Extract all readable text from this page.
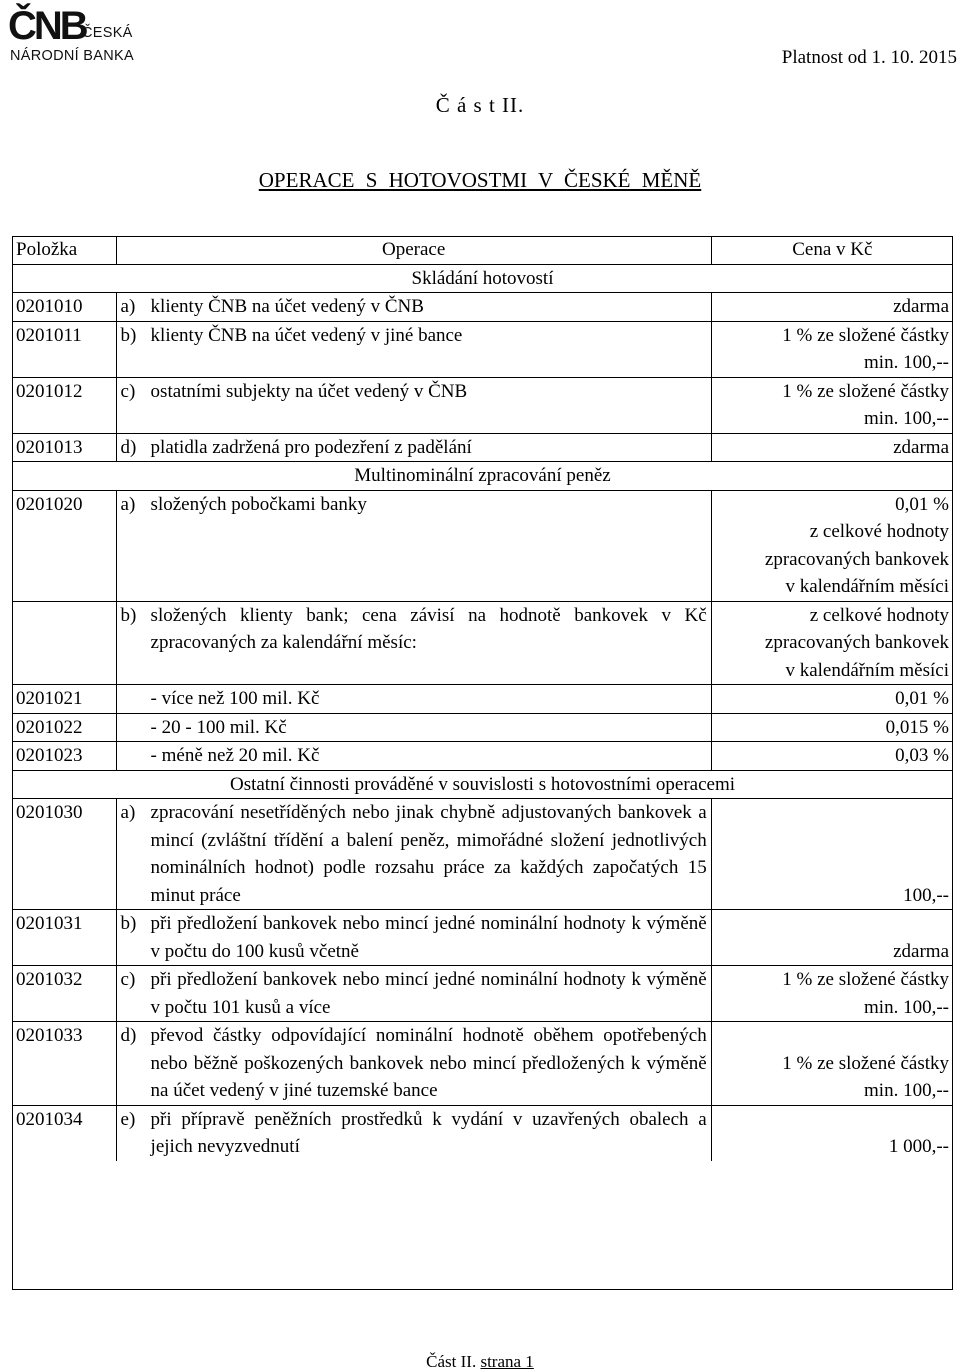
ČNB
ČESKÁ
NÁRODNÍ BANKA	Platnost od 1. 10. 2015
Č á s t II.
OPERACE S HOTOVOSTMI V ČESKÉ MĚNĚ
Položka	Operace	Cena v Kč
Skládání hotovostí		
0201010	a) klienty ČNB na účet vedený v ČNB	zdarma
0201011	b) klienty ČNB na účet vedený v jiné bance	1 % ze složené částky
min. 100,--
0201012	c) ostatními subjekty na účet vedený v ČNB	1 % ze složené částky
min. 100,--
0201013	d) platidla zadržená pro podezření z padělání	zdarma
Multinominální zpracování peněz		
0201020	a) složených pobočkami banky	0,01 %
z celkové hodnoty
zpracovaných bankovek
v kalendářním měsíci

	b) složených klienty bank; cena závisí na hodnotě bankovek v Kč zpracovaných za kalendářní měsíc:	z celkové hodnoty
zpracovaných bankovek
v kalendářním měsíci
0201021	- více než 100 mil. Kč	0,01 %
0201022	- 20 - 100 mil. Kč	0,015 %
0201023	- méně než 20 mil. Kč	0,03 %
Ostatní činnosti prováděné v souvislosti s hotovostními operacemi		
0201030	a) zpracování nesetříděných nebo jinak chybně adjustovaných bankovek a mincí (zvláštní třídění a balení peněz, mimořádné složení jednotlivých nominálních hodnot) podle rozsahu práce za každých započatých 15 minut práce	100,--
0201031	b) při předložení bankovek nebo mincí jedné nominální hodnoty k výměně v počtu do 100 kusů včetně	zdarma
0201032	c) při předložení bankovek nebo mincí jedné nominální hodnoty k výměně v počtu 101 kusů a více	1 % ze složené částky
min. 100,--
0201033	d) převod částky odpovídající nominální hodnotě oběhem opotřebených nebo běžně poškozených bankovek nebo mincí předložených k výměně na účet vedený v jiné tuzemské bance	1 % ze složené částky
min. 100,--
0201034	e) při přípravě peněžních prostředků k vydání v uzavřených obalech a jejich nevyzvednutí	1 000,--
Část II. strana 1
